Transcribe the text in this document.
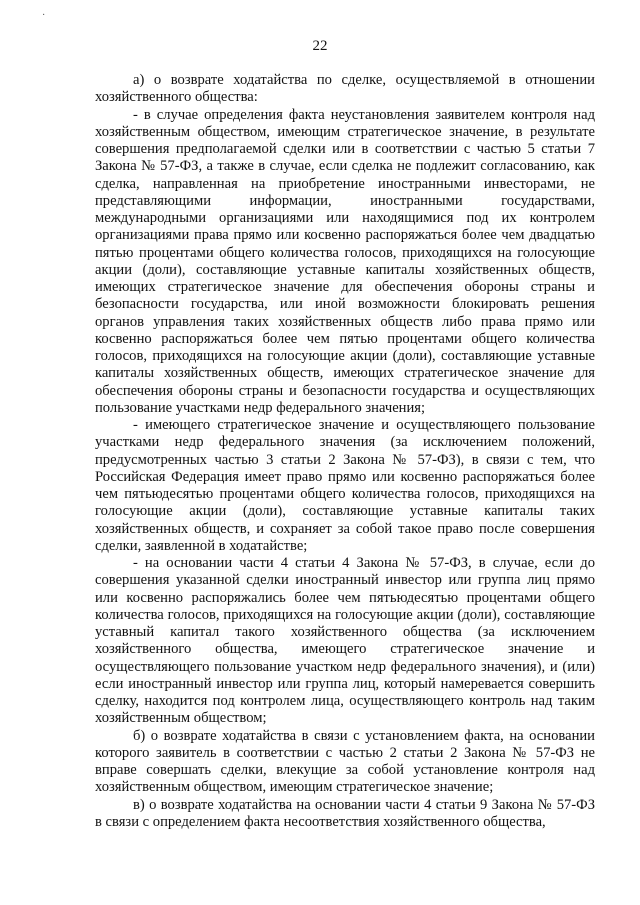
·
22

а) о возврате ходатайства по сделке, осуществляемой в отношении хозяйственного общества:

- в случае определения факта неустановления заявителем контроля над хозяйственным обществом, имеющим стратегическое значение, в результате совершения предполагаемой сделки или в соответствии с частью 5 статьи 7 Закона № 57-ФЗ, а также в случае, если сделка не подлежит согласованию, как сделка, направленная на приобретение иностранными инвесторами, не представляющими информации, иностранными государствами, международными организациями или находящимися под их контролем организациями права прямо или косвенно распоряжаться более чем двадцатью пятью процентами общего количества голосов, приходящихся на голосующие акции (доли), составляющие уставные капиталы хозяйственных обществ, имеющих стратегическое значение для обеспечения обороны страны и безопасности государства, или иной возможности блокировать решения органов управления таких хозяйственных обществ либо права прямо или косвенно распоряжаться более чем пятью процентами общего количества голосов, приходящихся на голосующие акции (доли), составляющие уставные капиталы хозяйственных обществ, имеющих стратегическое значение для обеспечения обороны страны и безопасности государства и осуществляющих пользование участками недр федерального значения;

- имеющего стратегическое значение и осуществляющего пользование участками недр федерального значения (за исключением положений, предусмотренных частью 3 статьи 2 Закона № 57-ФЗ), в связи с тем, что Российская Федерация имеет право прямо или косвенно распоряжаться более чем пятьюдесятью процентами общего количества голосов, приходящихся на голосующие акции (доли), составляющие уставные капиталы таких хозяйственных обществ, и сохраняет за собой такое право после совершения сделки, заявленной в ходатайстве;

- на основании части 4 статьи 4 Закона № 57-ФЗ, в случае, если до совершения указанной сделки иностранный инвестор или группа лиц прямо или косвенно распоряжались более чем пятьюдесятью процентами общего количества голосов, приходящихся на голосующие акции (доли), составляющие уставный капитал такого хозяйственного общества (за исключением хозяйственного общества, имеющего стратегическое значение и осуществляющего пользование участком недр федерального значения), и (или) если иностранный инвестор или группа лиц, который намеревается совершить сделку, находится под контролем лица, осуществляющего контроль над таким хозяйственным обществом;

б) о возврате ходатайства в связи с установлением факта, на основании которого заявитель в соответствии с частью 2 статьи 2 Закона № 57-ФЗ не вправе совершать сделки, влекущие за собой установление контроля над хозяйственным обществом, имеющим стратегическое значение;

в) о возврате ходатайства на основании части 4 статьи 9 Закона № 57-ФЗ в связи с определением факта несоответствия хозяйственного общества,
